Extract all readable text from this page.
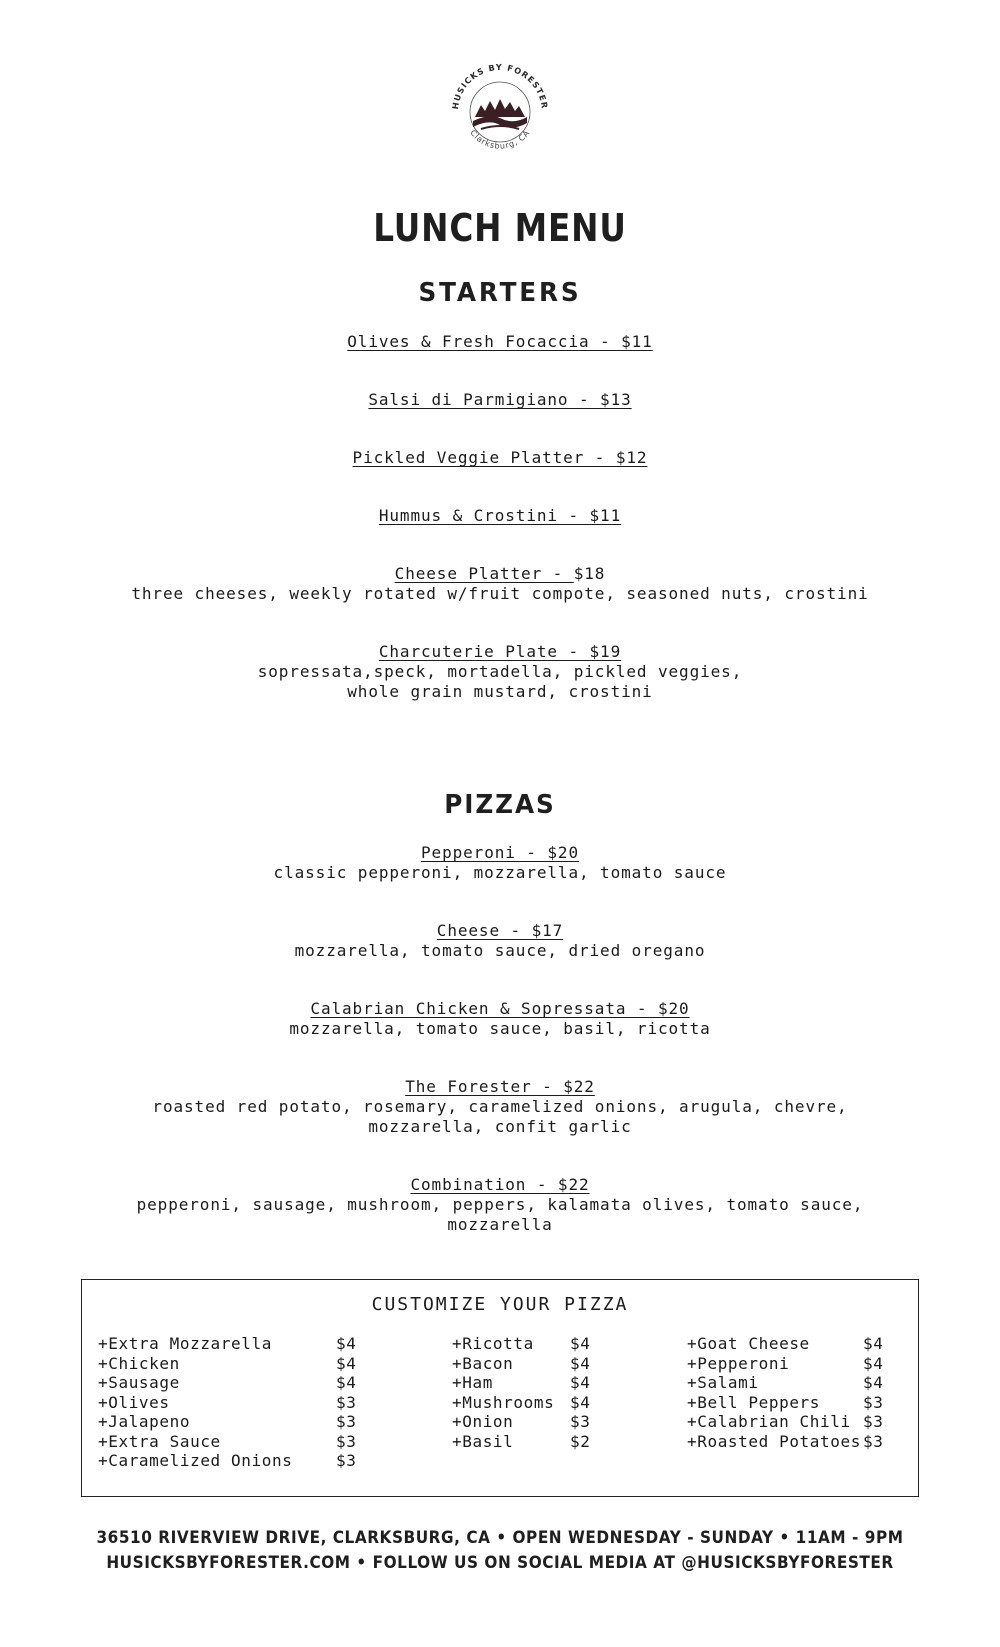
HUSICKS BY FORESTER
Clarksburg, CA
LUNCH MENU
STARTERS
Olives & Fresh Focaccia - $11
Salsi di Parmigiano - $13
Pickled Veggie Platter - $12
Hummus & Crostini - $11
Cheese Platter - $18
three cheeses, weekly rotated w/fruit compote, seasoned nuts, crostini
Charcuterie Plate - $19
sopressata,speck, mortadella, pickled veggies,
whole grain mustard, crostini
PIZZAS
Pepperoni - $20
classic pepperoni, mozzarella, tomato sauce
Cheese - $17
mozzarella, tomato sauce, dried oregano
Calabrian Chicken & Sopressata - $20
mozzarella, tomato sauce, basil, ricotta
The Forester - $22
roasted red potato, rosemary, caramelized onions, arugula, chevre,
mozzarella, confit garlic
Combination - $22
pepperoni, sausage, mushroom, peppers, kalamata olives, tomato sauce,
mozzarella
CUSTOMIZE YOUR PIZZA
+Extra Mozzarella	$4
+Chicken	$4
+Sausage	$4
+Olives	$3
+Jalapeno	$3
+Extra Sauce	$3
+Caramelized Onions	$3
+Ricotta $4
+Bacon	$4
+Ham	$4
+Mushrooms $4
+Onion	$3
+Basil	$2
+Goat Cheese	$4
+Pepperoni	$4
+Salami	$4
+Bell Peppers	$3
+Calabrian Chili $3
+Roasted Potatoes $3
36510 RIVERVIEW DRIVE, CLARKSBURG, CA • OPEN WEDNESDAY - SUNDAY • 11AM - 9PM
HUSICKSBYFORESTER.COM • FOLLOW US ON SOCIAL MEDIA AT @HUSICKSBYFORESTER
